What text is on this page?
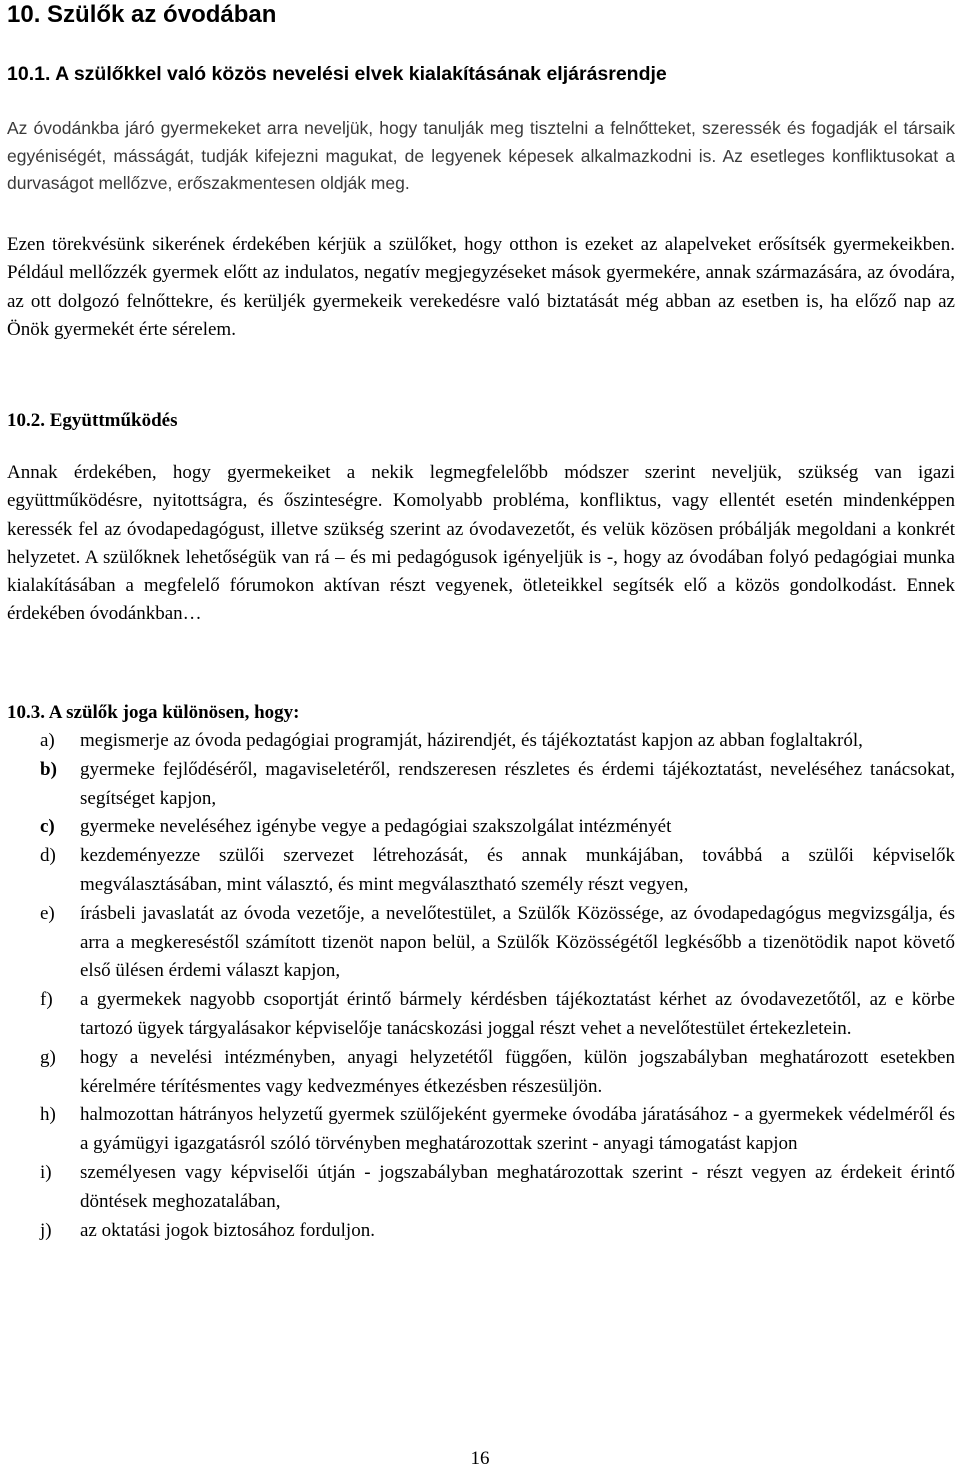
10. Szülők az óvodában
10.1. A szülőkkel való közös nevelési elvek kialakításának eljárásrendje

Az óvodánkba járó gyermekeket arra neveljük, hogy tanulják meg tisztelni a felnőtteket, szeressék és fogadják el társaik egyéniségét, másságát, tudják kifejezni magukat, de legyenek képesek alkalmazkodni is. Az esetleges konfliktusokat a durvaságot mellőzve, erőszakmentesen oldják meg.

Ezen törekvésünk sikerének érdekében kérjük a szülőket, hogy otthon is ezeket az alapelveket erősítsék gyermekeikben. Például mellőzzék gyermek előtt az indulatos, negatív megjegyzéseket mások gyermekére, annak származására, az óvodára, az ott dolgozó felnőttekre, és kerüljék gyermekeik verekedésre való biztatását még abban az esetben is, ha előző nap az Önök gyermekét érte sérelem.

10.2. Együttműködés

Annak érdekében, hogy gyermekeiket a nekik legmegfelelőbb módszer szerint neveljük, szükség van igazi együttműködésre, nyitottságra, és őszinteségre. Komolyabb probléma, konfliktus, vagy ellentét esetén mindenképpen keressék fel az óvodapedagógust, illetve szükség szerint az óvodavezetőt, és velük közösen próbálják megoldani a konkrét helyzetet. A szülőknek lehetőségük van rá – és mi pedagógusok igényeljük is -, hogy az óvodában folyó pedagógiai munka kialakításában a megfelelő fórumokon aktívan részt vegyenek, ötleteikkel segítsék elő a közös gondolkodást. Ennek érdekében óvodánkban…

10.3. A szülők joga különösen, hogy:
a) megismerje az óvoda pedagógiai programját, házirendjét, és tájékoztatást kapjon az abban foglaltakról,
b) gyermeke fejlődéséről, magaviseletéről, rendszeresen részletes és érdemi tájékoztatást, neveléséhez tanácsokat, segítséget kapjon,
c) gyermeke neveléséhez igénybe vegye a pedagógiai szakszolgálat intézményét
d) kezdeményezze szülői szervezet létrehozását, és annak munkájában, továbbá a szülői képviselők megválasztásában, mint választó, és mint megválasztható személy részt vegyen,
e) írásbeli javaslatát az óvoda vezetője, a nevelőtestület, a Szülők Közössége, az óvodapedagógus megvizsgálja, és arra a megkereséstől számított tizenöt napon belül, a Szülők Közösségétől legkésőbb a tizenötödik napot követő első ülésen érdemi választ kapjon,
f) a gyermekek nagyobb csoportját érintő bármely kérdésben tájékoztatást kérhet az óvodavezetőtől, az e körbe tartozó ügyek tárgyalásakor képviselője tanácskozási joggal részt vehet a nevelőtestület értekezletein.
g) hogy a nevelési intézményben, anyagi helyzetétől függően, külön jogszabályban meghatározott esetekben kérelmére térítésmentes vagy kedvezményes étkezésben részesüljön.
h) halmozottan hátrányos helyzetű gyermek szülőjeként gyermeke óvodába járatásához - a gyermekek védelméről és a gyámügyi igazgatásról szóló törvényben meghatározottak szerint - anyagi támogatást kapjon
i) személyesen vagy képviselői útján - jogszabályban meghatározottak szerint - részt vegyen az érdekeit érintő döntések meghozatalában,
j) az oktatási jogok biztosához forduljon.
16
